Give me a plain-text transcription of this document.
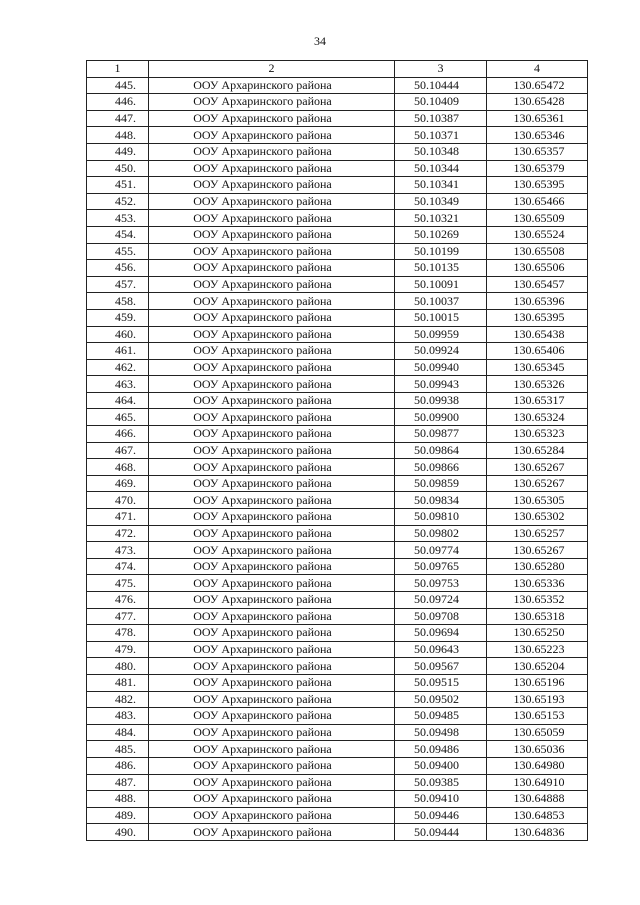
34
1	2	3	4
445.	ООУ Архаринского района	50.10444	130.65472
446.	ООУ Архаринского района	50.10409	130.65428
447.	ООУ Архаринского района	50.10387	130.65361
448.	ООУ Архаринского района	50.10371	130.65346
449.	ООУ Архаринского района	50.10348	130.65357
450.	ООУ Архаринского района	50.10344	130.65379
451.	ООУ Архаринского района	50.10341	130.65395
452.	ООУ Архаринского района	50.10349	130.65466
453.	ООУ Архаринского района	50.10321	130.65509
454.	ООУ Архаринского района	50.10269	130.65524
455.	ООУ Архаринского района	50.10199	130.65508
456.	ООУ Архаринского района	50.10135	130.65506
457.	ООУ Архаринского района	50.10091	130.65457
458.	ООУ Архаринского района	50.10037	130.65396
459.	ООУ Архаринского района	50.10015	130.65395
460.	ООУ Архаринского района	50.09959	130.65438
461.	ООУ Архаринского района	50.09924	130.65406
462.	ООУ Архаринского района	50.09940	130.65345
463.	ООУ Архаринского района	50.09943	130.65326
464.	ООУ Архаринского района	50.09938	130.65317
465.	ООУ Архаринского района	50.09900	130.65324
466.	ООУ Архаринского района	50.09877	130.65323
467.	ООУ Архаринского района	50.09864	130.65284
468.	ООУ Архаринского района	50.09866	130.65267
469.	ООУ Архаринского района	50.09859	130.65267
470.	ООУ Архаринского района	50.09834	130.65305
471.	ООУ Архаринского района	50.09810	130.65302
472.	ООУ Архаринского района	50.09802	130.65257
473.	ООУ Архаринского района	50.09774	130.65267
474.	ООУ Архаринского района	50.09765	130.65280
475.	ООУ Архаринского района	50.09753	130.65336
476.	ООУ Архаринского района	50.09724	130.65352
477.	ООУ Архаринского района	50.09708	130.65318
478.	ООУ Архаринского района	50.09694	130.65250
479.	ООУ Архаринского района	50.09643	130.65223
480.	ООУ Архаринского района	50.09567	130.65204
481.	ООУ Архаринского района	50.09515	130.65196
482.	ООУ Архаринского района	50.09502	130.65193
483.	ООУ Архаринского района	50.09485	130.65153
484.	ООУ Архаринского района	50.09498	130.65059
485.	ООУ Архаринского района	50.09486	130.65036
486.	ООУ Архаринского района	50.09400	130.64980
487.	ООУ Архаринского района	50.09385	130.64910
488.	ООУ Архаринского района	50.09410	130.64888
489.	ООУ Архаринского района	50.09446	130.64853
490.	ООУ Архаринского района	50.09444	130.64836
